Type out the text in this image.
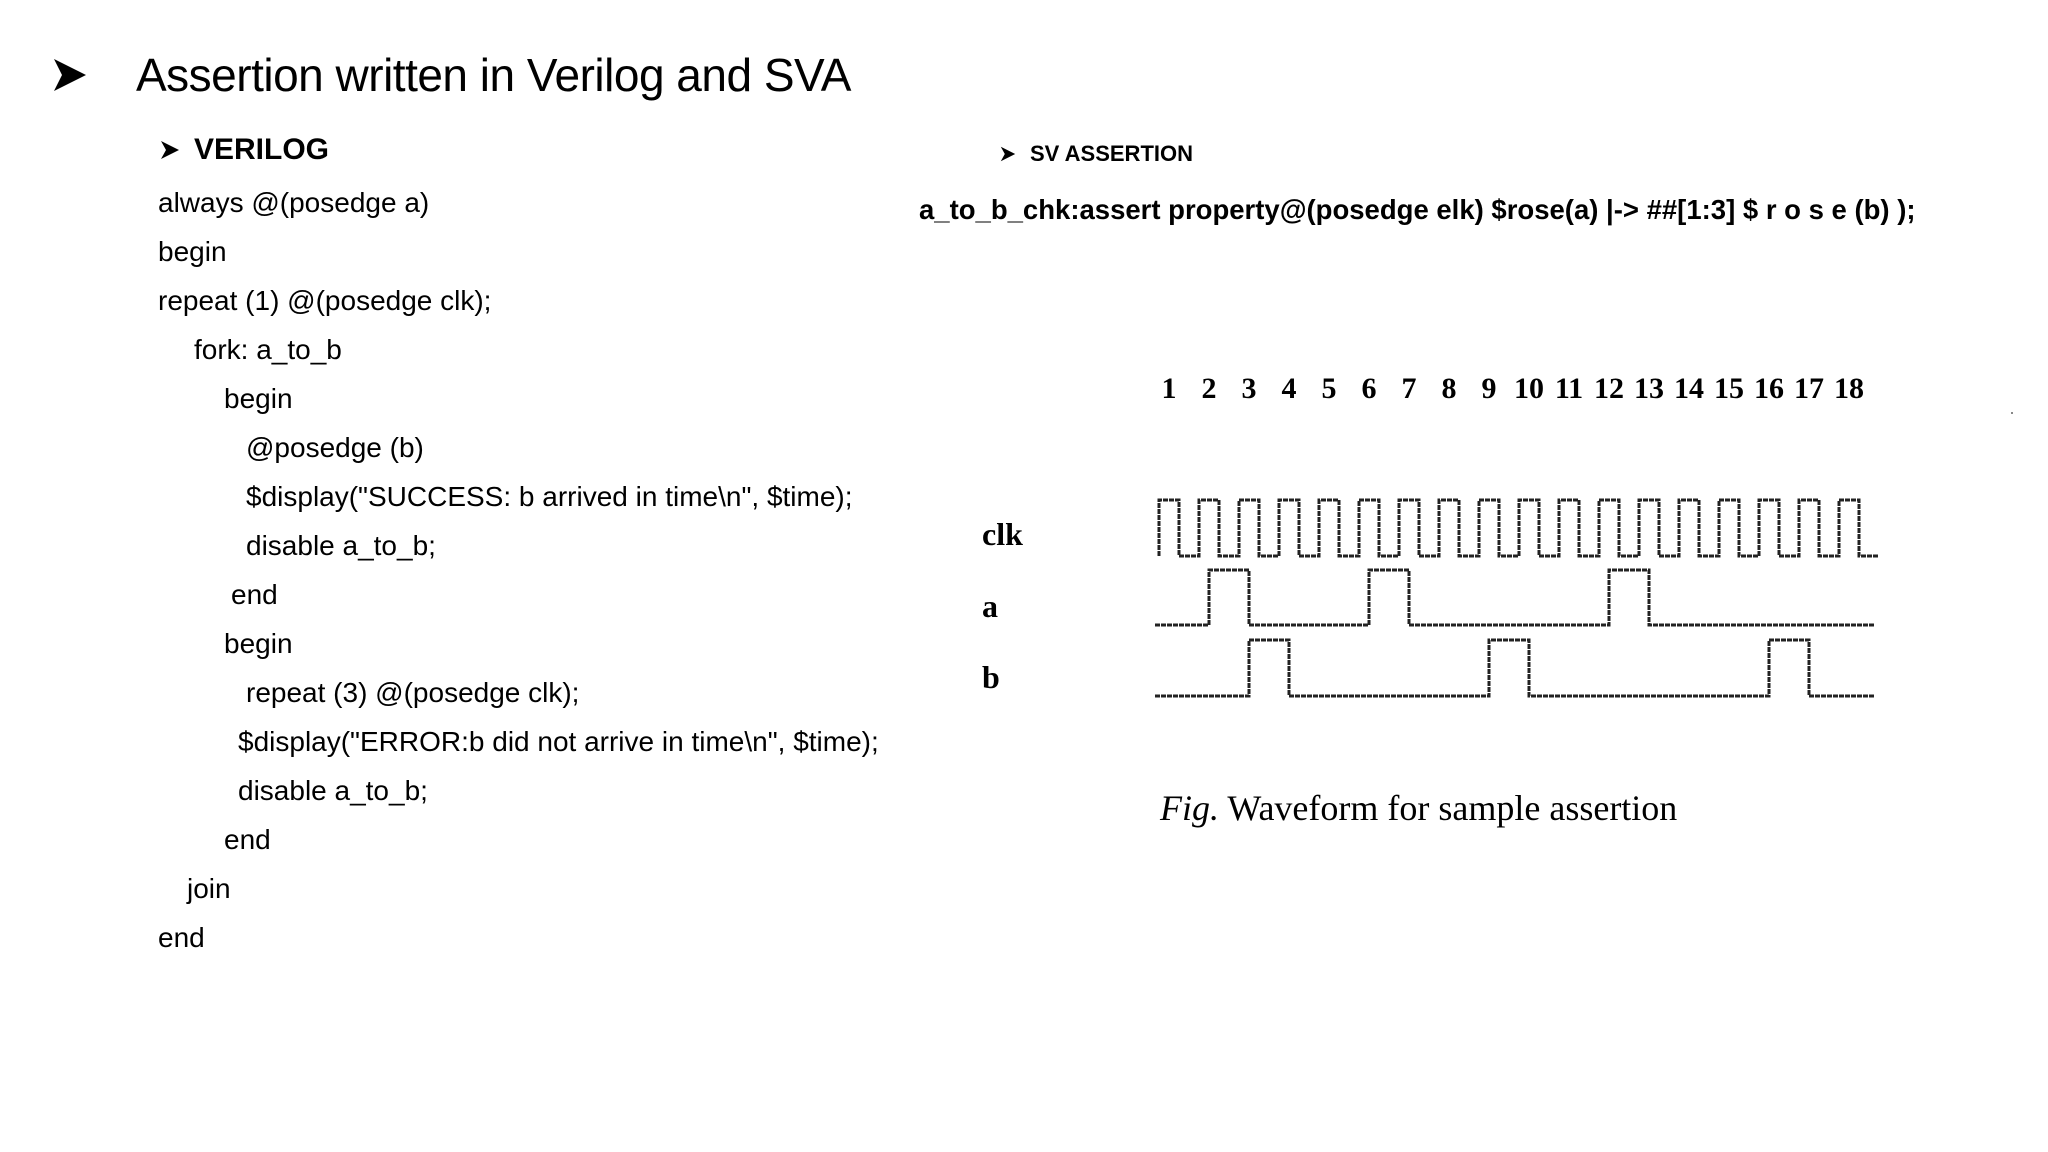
Assertion written in Verilog and SVA
VERILOG
always @(posedge a)
begin
repeat (1) @(posedge clk);
fork: a_to_b
begin
@posedge (b)
$display("SUCCESS: b arrived in time\n", $time);
disable a_to_b;
end
begin
repeat (3) @(posedge clk);
$display("ERROR:b did not arrive in time\n", $time);
disable a_to_b;
end
join
end
SV ASSERTION
a_to_b_chk:assert property@(posedge elk) $rose(a) |-> ##[1:3] $ r o s e (b) );
1 2 3 4 5 6 7 8 9 10 11 12 13 14 15 16 17 18
clk
a
b
Fig. Waveform for sample assertion
